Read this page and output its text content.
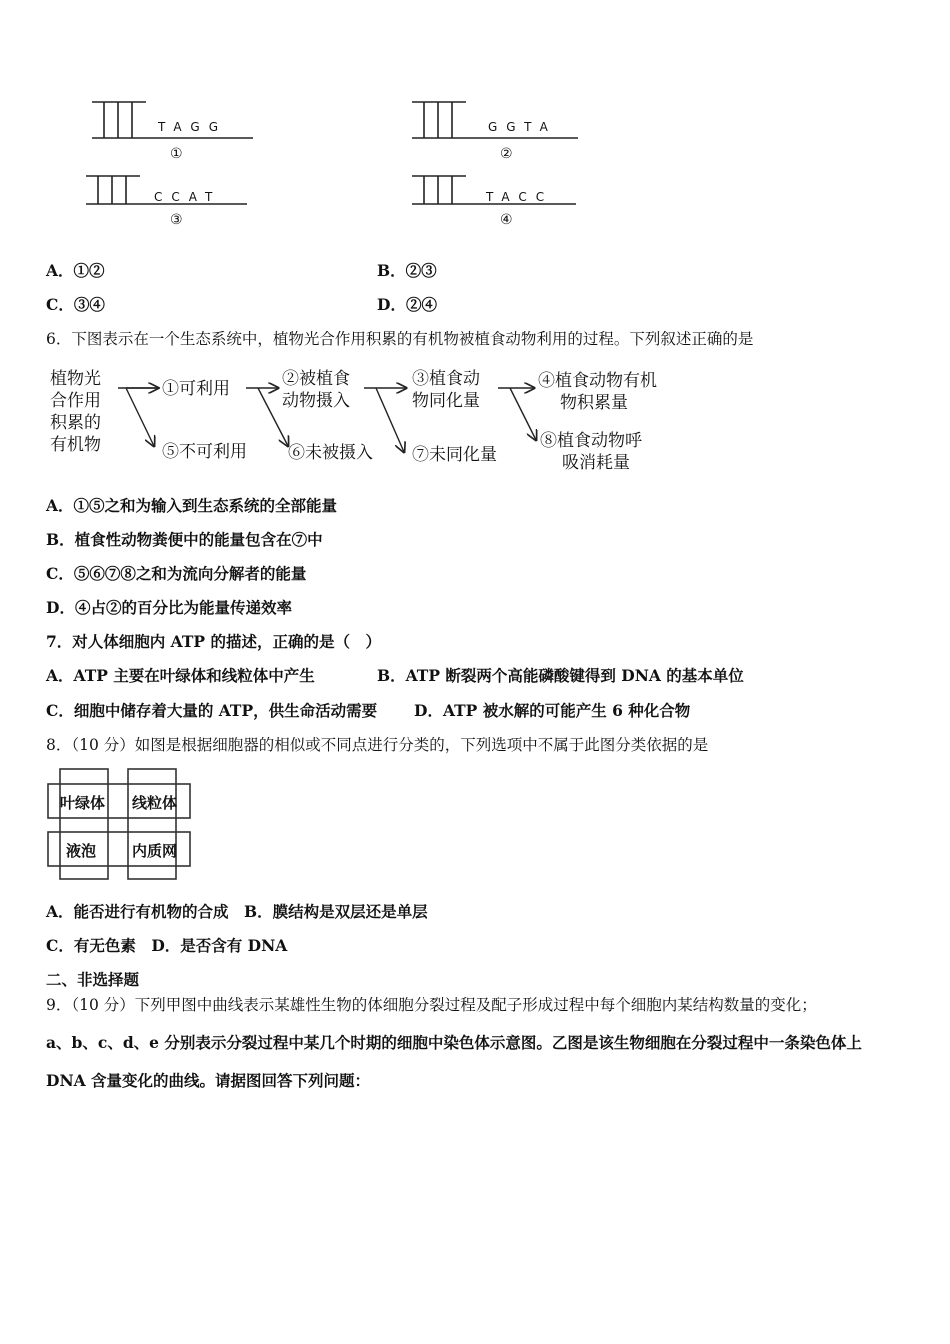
TAGG
①
GGTA
②
CCAT
③
TACC
④
A．①②	B．②③
C．③④	D．②④
6．下图表示在一个生态系统中，植物光合作用积累的有机物被植食动物利用的过程。下列叙述正确的是
植物光
合作用
积累的
有机物
①可利用
⑤不可利用
②被植食
动物摄入
⑥未被摄入
③植食动
物同化量
⑦未同化量
④植食动物有机
物积累量
⑧植食动物呼
吸消耗量
A．①⑤之和为输入到生态系统的全部能量
B．植食性动物粪便中的能量包含在⑦中
C．⑤⑥⑦⑧之和为流向分解者的能量
D．④占②的百分比为能量传递效率
7．对人体细胞内 ATP 的描述，正确的是（　）
A．ATP 主要在叶绿体和线粒体中产生	B．ATP 断裂两个高能磷酸键得到 DNA 的基本单位
C．细胞中储存着大量的 ATP，供生命活动需要 D．ATP 被水解的可能产生 6 种化合物
8．（10 分）如图是根据细胞器的相似或不同点进行分类的，下列选项中不属于此图分类依据的是
叶绿体 线粒体
液泡 内质网
A．能否进行有机物的合成　B．膜结构是双层还是单层
C．有无色素　D．是否含有 DNA
二、非选择题
9．（10 分）下列甲图中曲线表示某雄性生物的体细胞分裂过程及配子形成过程中每个细胞内某结构数量的变化；
a、b、c、d、e 分别表示分裂过程中某几个时期的细胞中染色体示意图。乙图是该生物细胞在分裂过程中一条染色体上
DNA 含量变化的曲线。请据图回答下列问题：
